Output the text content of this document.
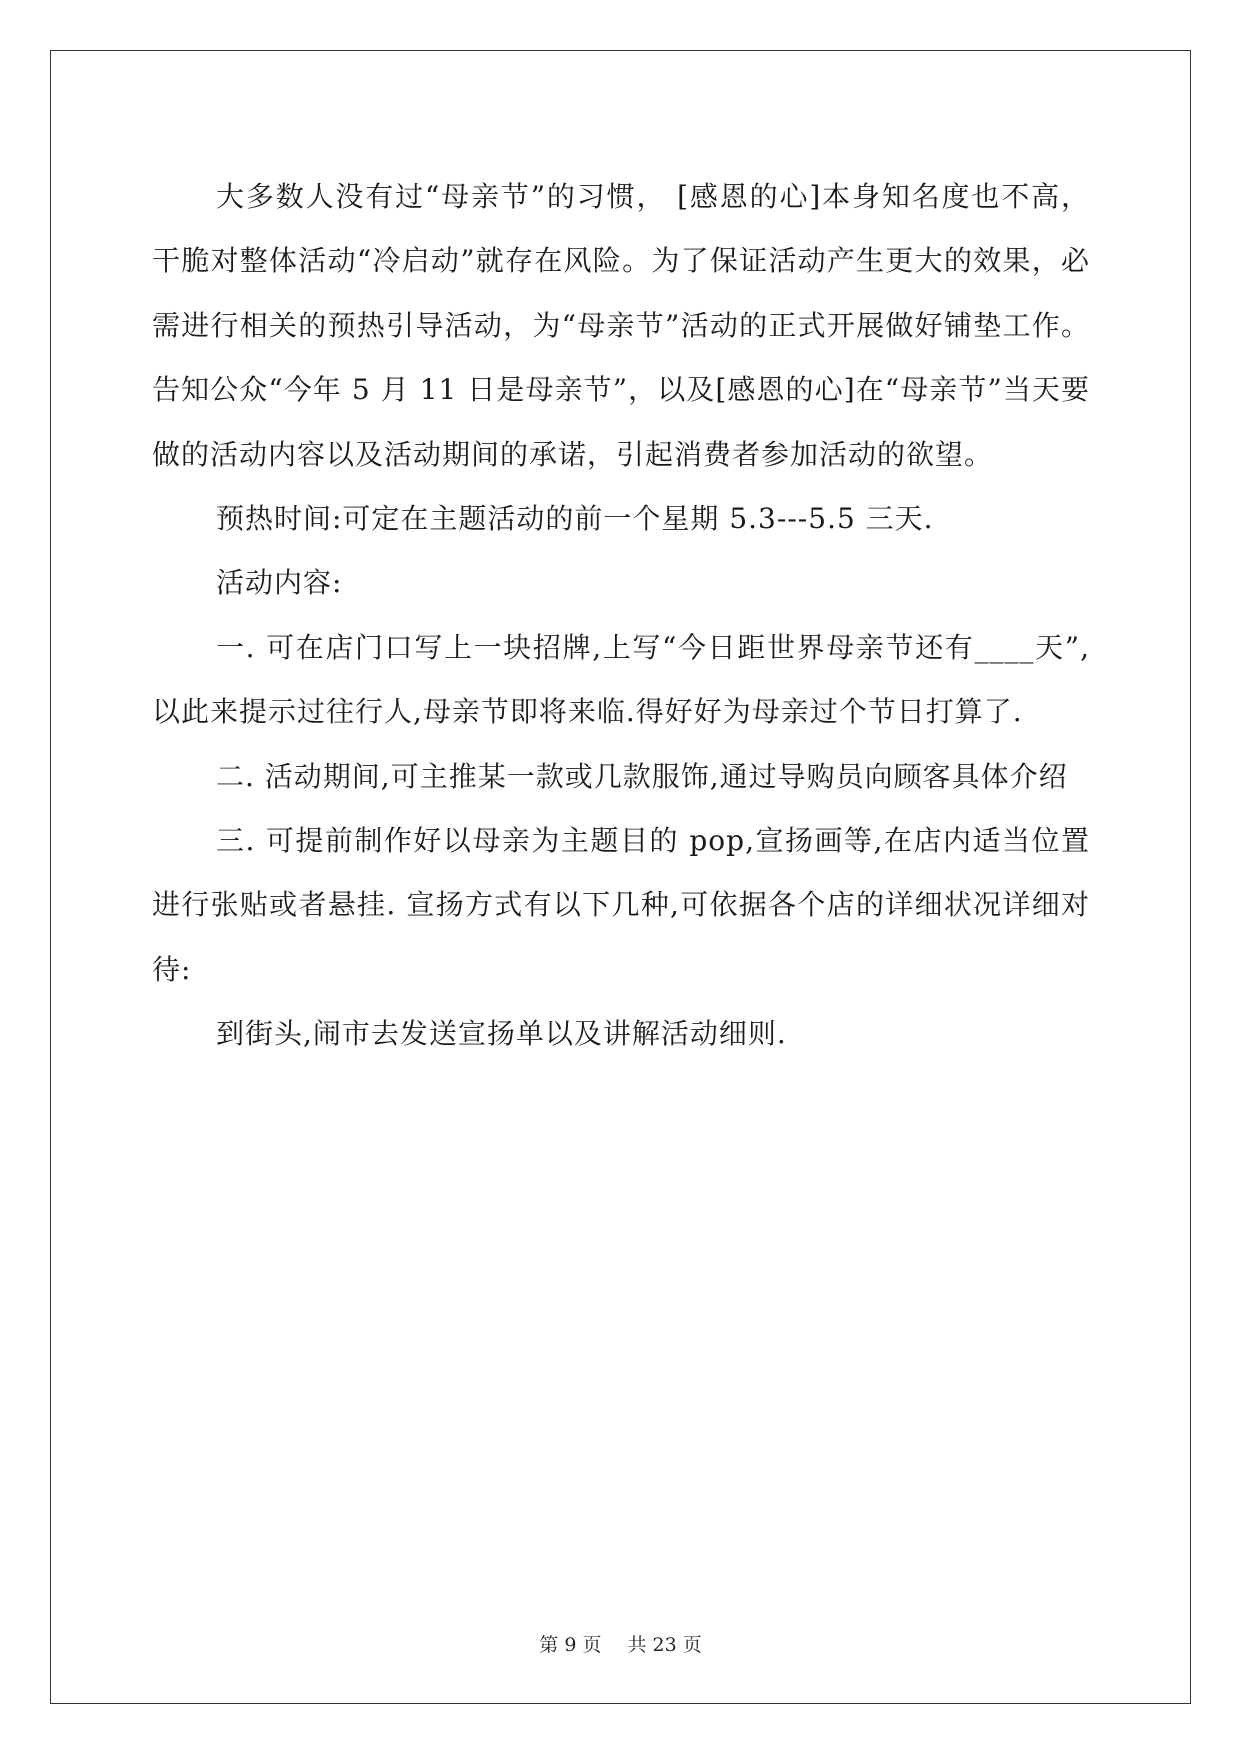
大多数人没有过“母亲节”的习惯， [感恩的心]本身知名度也不高，干脆对整体活动“冷启动”就存在风险。为了保证活动产生更大的效果，必需进行相关的预热引导活动，为“母亲节”活动的正式开展做好铺垫工作。告知公众“今年 5 月 11 日是母亲节”，以及[感恩的心]在“母亲节”当天要做的活动内容以及活动期间的承诺，引起消费者参加活动的欲望。

预热时间:可定在主题活动的前一个星期 5.3---5.5 三天.

活动内容:

一. 可在店门口写上一块招牌,上写“今日距世界母亲节还有____天”,以此来提示过往行人,母亲节即将来临.得好好为母亲过个节日打算了.

二. 活动期间,可主推某一款或几款服饰,通过导购员向顾客具体介绍

三. 可提前制作好以母亲为主题目的 pop,宣扬画等,在店内适当位置进行张贴或者悬挂. 宣扬方式有以下几种,可依据各个店的详细状况详细对待:

到街头,闹市去发送宣扬单以及讲解活动细则.

第 9 页 共 23 页
